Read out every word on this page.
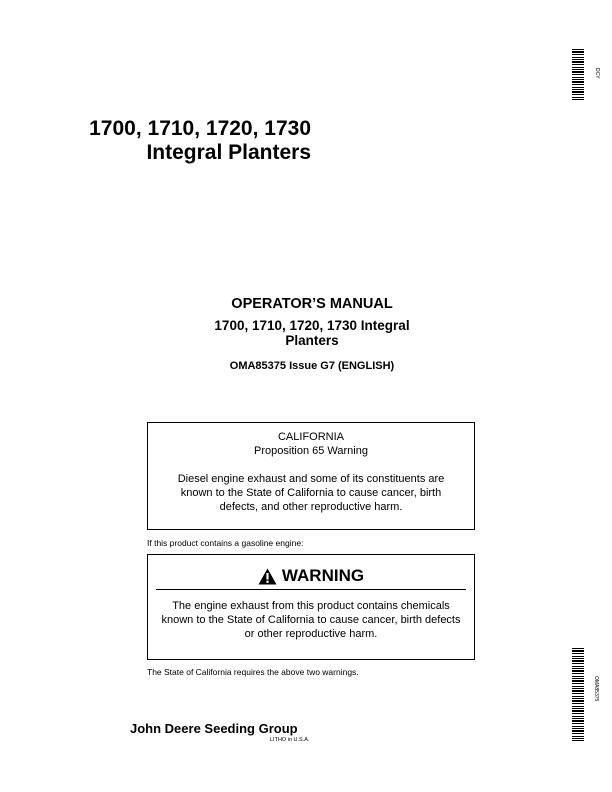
DCY
1700, 1710, 1720, 1730
Integral Planters
OPERATOR’S MANUAL
1700, 1710, 1720, 1730 Integral
Planters
OMA85375 Issue G7 (ENGLISH)

CALIFORNIA

Proposition 65 Warning

Diesel engine exhaust and some of its constituents are known to the State of California to cause cancer, birth defects, and other reproductive harm.

If this product contains a gasoline engine:
WARNING

The engine exhaust from this product contains chemicals known to the State of California to cause cancer, birth defects or other reproductive harm.

The State of California requires the above two warnings.
OMA85375
John Deere Seeding Group
LITHO in U.S.A.
